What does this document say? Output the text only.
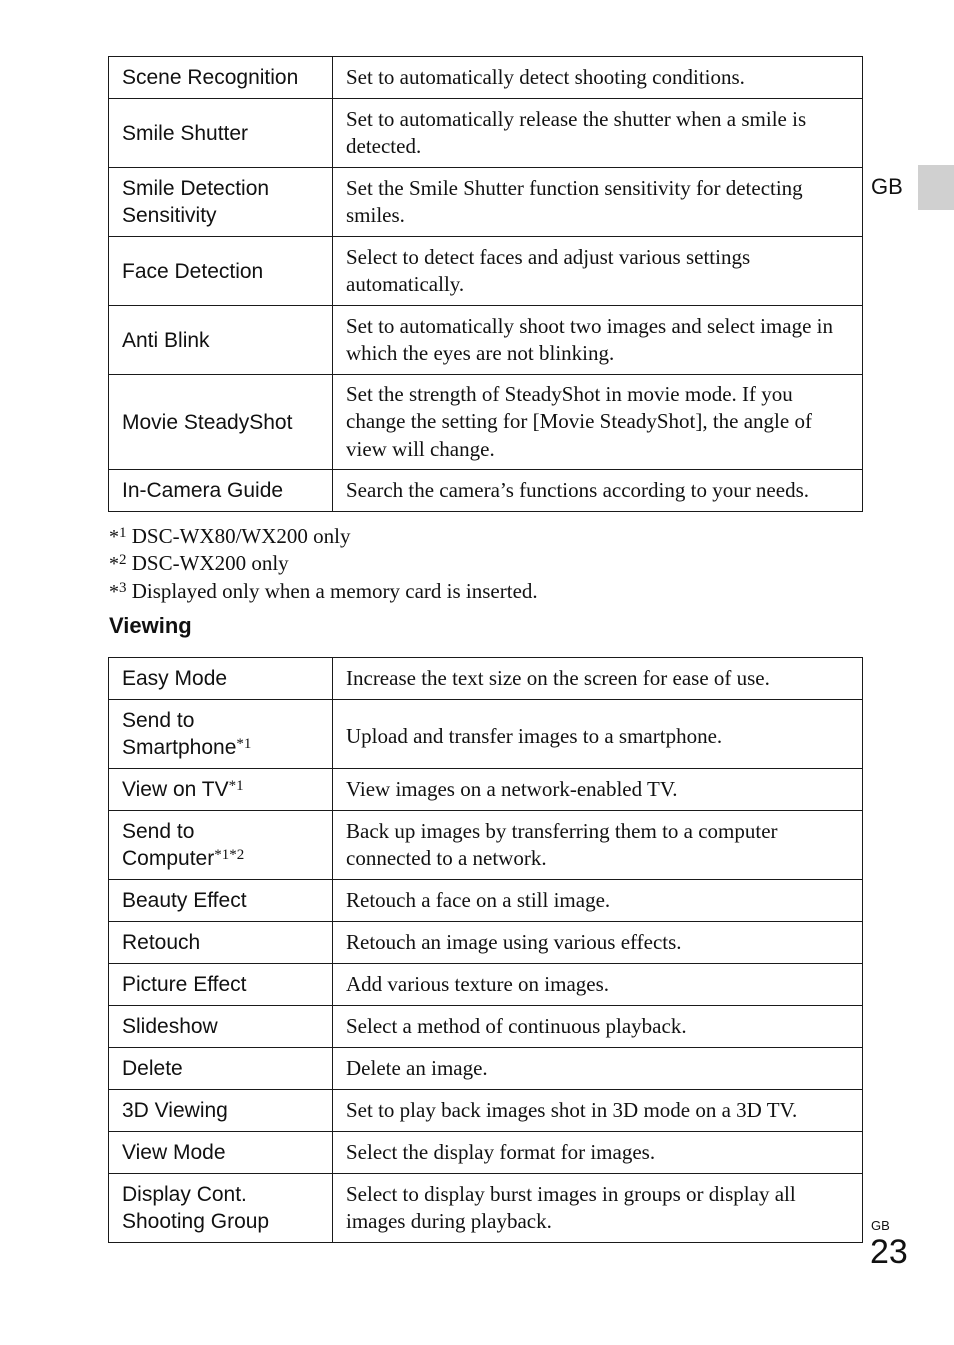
GB
Scene Recognition	Set to automatically detect shooting conditions.
Smile Shutter	Set to automatically release the shutter when a smile is detected.
Smile Detection Sensitivity	Set the Smile Shutter function sensitivity for detecting smiles.
Face Detection	Select to detect faces and adjust various settings automatically.
Anti Blink	Set to automatically shoot two images and select image in which the eyes are not blinking.
Movie SteadyShot	Set the strength of SteadyShot in movie mode. If you change the setting for [Movie SteadyShot], the angle of view will change.
In-Camera Guide	Search the camera’s functions according to your needs.
*$^1$ DSC-WX80/WX200 only
*$^2$ DSC-WX200 only
*$^3$ Displayed only when a memory card is inserted.
Viewing
Easy Mode	Increase the text size on the screen for ease of use.
Send to
Smartphone$^{*1}$	Upload and transfer images to a smartphone.
View on TV$^{*1}$	View images on a network-enabled TV.
Send to
Computer$^{*1*2}$	Back up images by transferring them to a computer connected to a network.
Beauty Effect	Retouch a face on a still image.
Retouch	Retouch an image using various effects.
Picture Effect	Add various texture on images.
Slideshow	Select a method of continuous playback.
Delete	Delete an image.
3D Viewing	Set to play back images shot in 3D mode on a 3D TV.
View Mode	Select the display format for images.
Display Cont.
Shooting Group	Select to display burst images in groups or display all images during playback.	GB
23
